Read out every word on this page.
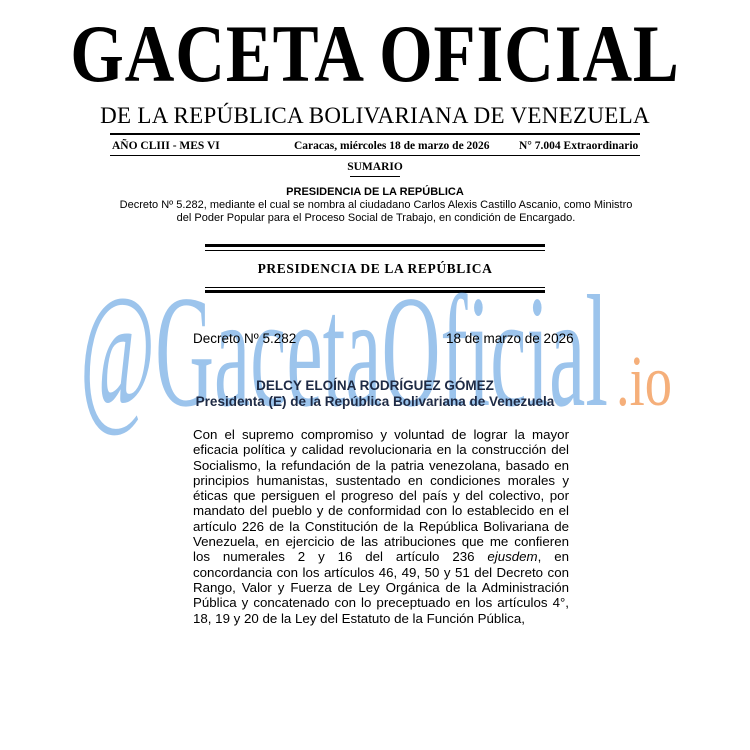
GACETA OFICIAL
DE LA REPÚBLICA BOLIVARIANA DE VENEZUELA
AÑO CLIII - MES VI	Caracas, miércoles 18 de marzo de 2026	N° 7.004 Extraordinario
SUMARIO
PRESIDENCIA DE LA REPÚBLICA
Decreto Nº 5.282, mediante el cual se nombra al ciudadano Carlos Alexis Castillo Ascanio, como Ministro del Poder Popular para el Proceso Social de Trabajo, en condición de Encargado.
PRESIDENCIA DE LA REPÚBLICA
@GacetaOficial .io
Decreto Nº 5.282	18 de marzo de 2026
DELCY ELOÍNA RODRÍGUEZ GÓMEZ
Presidenta (E) de la República Bolivariana de Venezuela
Con el supremo compromiso y voluntad de lograr la mayor eficacia política y calidad revolucionaria en la construcción del Socialismo, la refundación de la patria venezolana, basado en principios humanistas, sustentado en condiciones morales y éticas que persiguen el progreso del país y del colectivo, por mandato del pueblo y de conformidad con lo establecido en el artículo 226 de la Constitución de la República Bolivariana de Venezuela, en ejercicio de las atribuciones que me confieren los numerales 2 y 16 del artículo 236 ejusdem, en concordancia con los artículos 46, 49, 50 y 51 del Decreto con Rango, Valor y Fuerza de Ley Orgánica de la Administración Pública y concatenado con lo preceptuado en los artículos 4°, 18, 19 y 20 de la Ley del Estatuto de la Función Pública,
